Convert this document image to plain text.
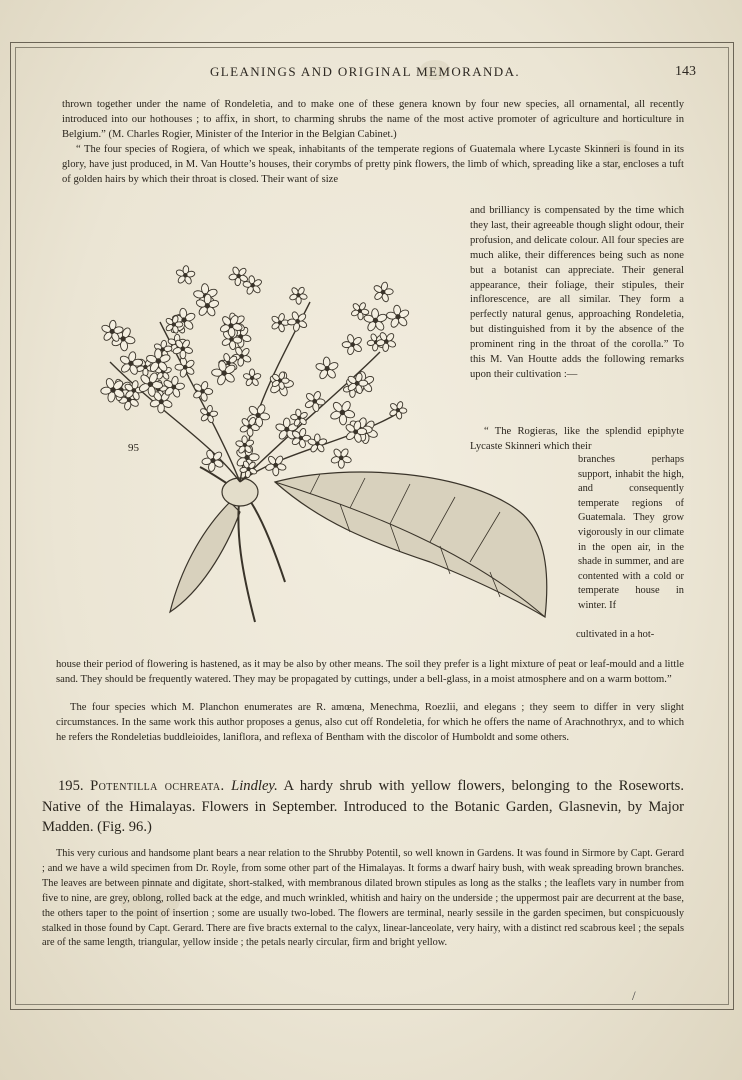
GLEANINGS AND ORIGINAL MEMORANDA.	143

thrown together under the name of Rondeletia, and to make one of these genera known by four new species, all ornamental, all recently introduced into our hothouses ; to affix, in short, to charming shrubs the name of the most active promoter of agriculture and horticulture in Belgium.” (M. Charles Rogier, Minister of the Interior in the Belgian Cabinet.)

“ The four species of Rogiera, of which we speak, inhabitants of the temperate regions of Guatemala where Lycaste Skinneri is found in its glory, have just produced, in M. Van Houtte’s houses, their corymbs of pretty pink flowers, the limb of which, spreading like a star, encloses a tuft of golden hairs by which their throat is closed. Their want of size

and brilliancy is compensated by the time which they last, their agreeable though slight odour, their profusion, and delicate colour. All four species are much alike, their differences being such as none but a botanist can appreciate. Their general appearance, their foliage, their stipules, their inflorescence, are all similar. They form a perfectly natural genus, approaching Rondeletia, but distinguished from it by the absence of the prominent ring in the throat of the corolla.” To this M. Van Houtte adds the following remarks upon their cultivation :—

“ The Rogieras, like the splendid epiphyte Lycaste Skinneri which their

branches perhaps support, inhabit the high, and consequently temperate regions of Guatemala. They grow vigorously in our climate in the open air, in the shade in summer, and are contented with a cold or temperate house in winter. If

cultivated in a hot-

95

house their period of flowering is hastened, as it may be also by other means. The soil they prefer is a light mixture of peat or leaf-mould and a little sand. They should be frequently watered. They may be propagated by cuttings, under a bell-glass, in a moist atmosphere and on a warm bottom.”

The four species which M. Planchon enumerates are R. amœna, Menechma, Roezlii, and elegans ; they seem to differ in very slight circumstances. In the same work this author proposes a genus, also cut off Rondeletia, for which he offers the name of Arachnothryx, and to which he refers the Rondeletias buddleioides, laniflora, and reflexa of Bentham with the discolor of Humboldt and some others.

195. Potentilla ochreata. Lindley. A hardy shrub with yellow flowers, belonging to the Roseworts. Native of the Himalayas. Flowers in September. Introduced to the Botanic Garden, Glasnevin, by Major Madden. (Fig. 96.)

This very curious and handsome plant bears a near relation to the Shrubby Potentil, so well known in Gardens. It was found in Sirmore by Capt. Gerard ; and we have a wild specimen from Dr. Royle, from some other part of the Himalayas. It forms a dwarf hairy bush, with weak spreading brown branches. The leaves are between pinnate and digitate, short-stalked, with membranous dilated brown stipules as long as the stalks ; the leaflets vary in number from five to nine, are grey, oblong, rolled back at the edge, and much wrinkled, whitish and hairy on the underside ; the uppermost pair are decurrent at the base, the others taper to the point of insertion ; some are usually two-lobed. The flowers are terminal, nearly sessile in the garden specimen, but conspicuously stalked in those found by Capt. Gerard. There are five bracts external to the calyx, linear-lanceolate, very hairy, with a distinct red scabrous keel ; the sepals are of the same length, triangular, yellow inside ; the petals nearly circular, firm and bright yellow.

/
